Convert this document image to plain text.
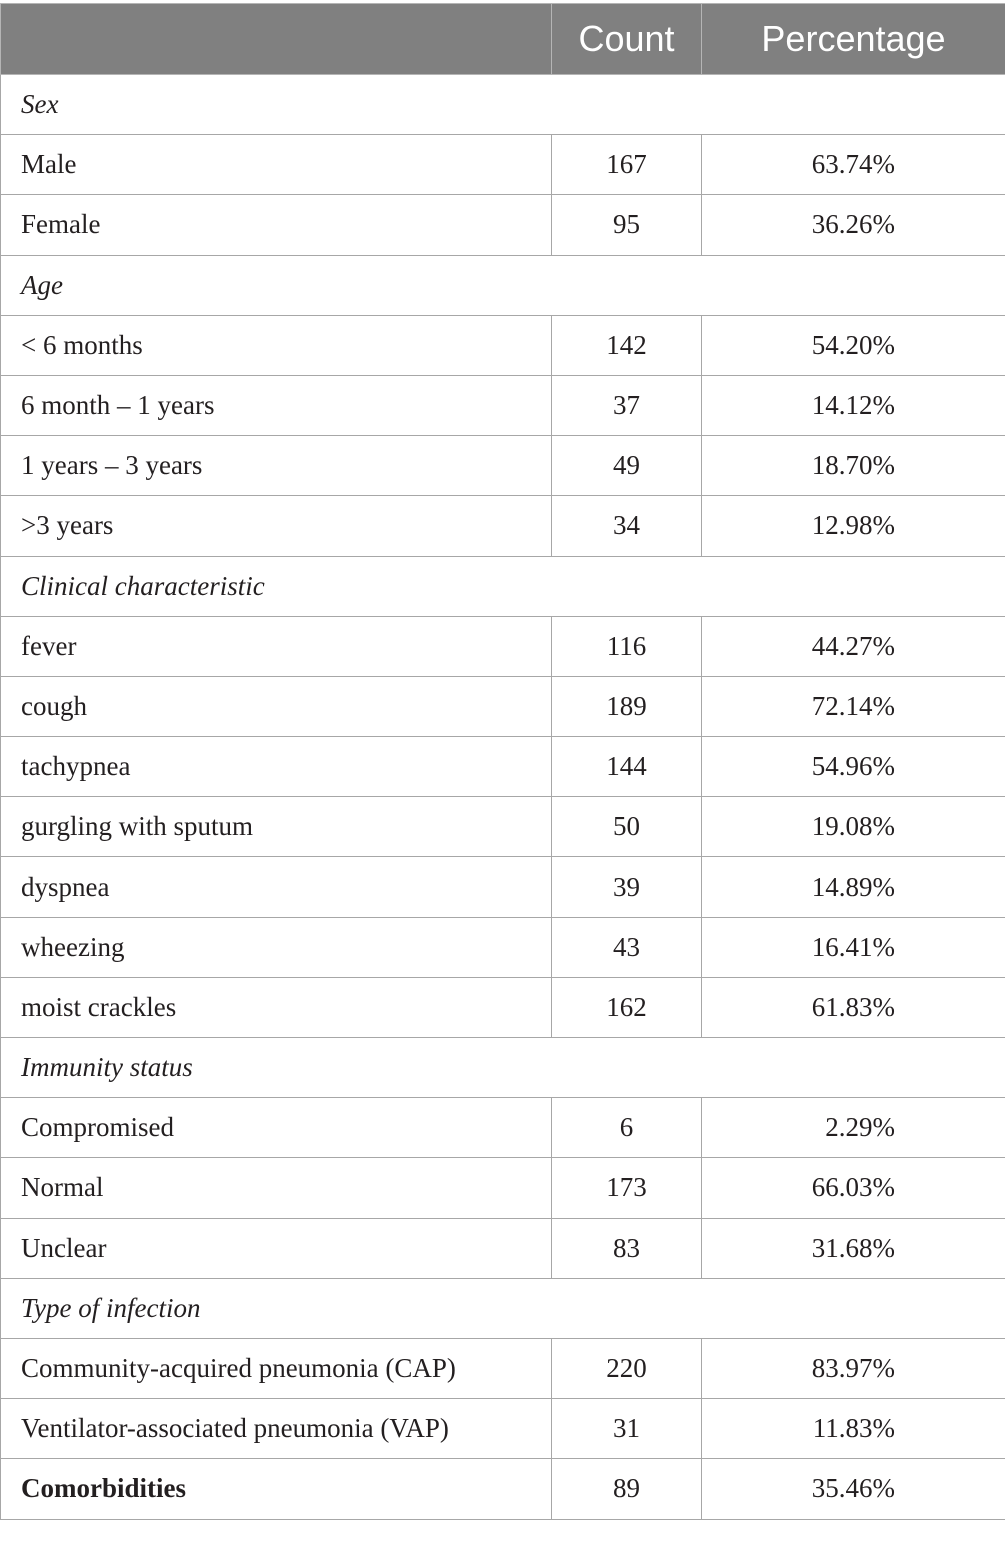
	Count	Percentage
Sex		
Male	167	63.74%
Female	95	36.26%
Age		
< 6 months	142	54.20%
6 month – 1 years	37	14.12%
1 years – 3 years	49	18.70%
>3 years	34	12.98%
Clinical characteristic		
fever	116	44.27%
cough	189	72.14%
tachypnea	144	54.96%
gurgling with sputum	50	19.08%
dyspnea	39	14.89%
wheezing	43	16.41%
moist crackles	162	61.83%
Immunity status		
Compromised	6	2.29%
Normal	173	66.03%
Unclear	83	31.68%
Type of infection		
Community-acquired pneumonia (CAP)	220	83.97%
Ventilator-associated pneumonia (VAP)	31	11.83%
Comorbidities	89	35.46%
